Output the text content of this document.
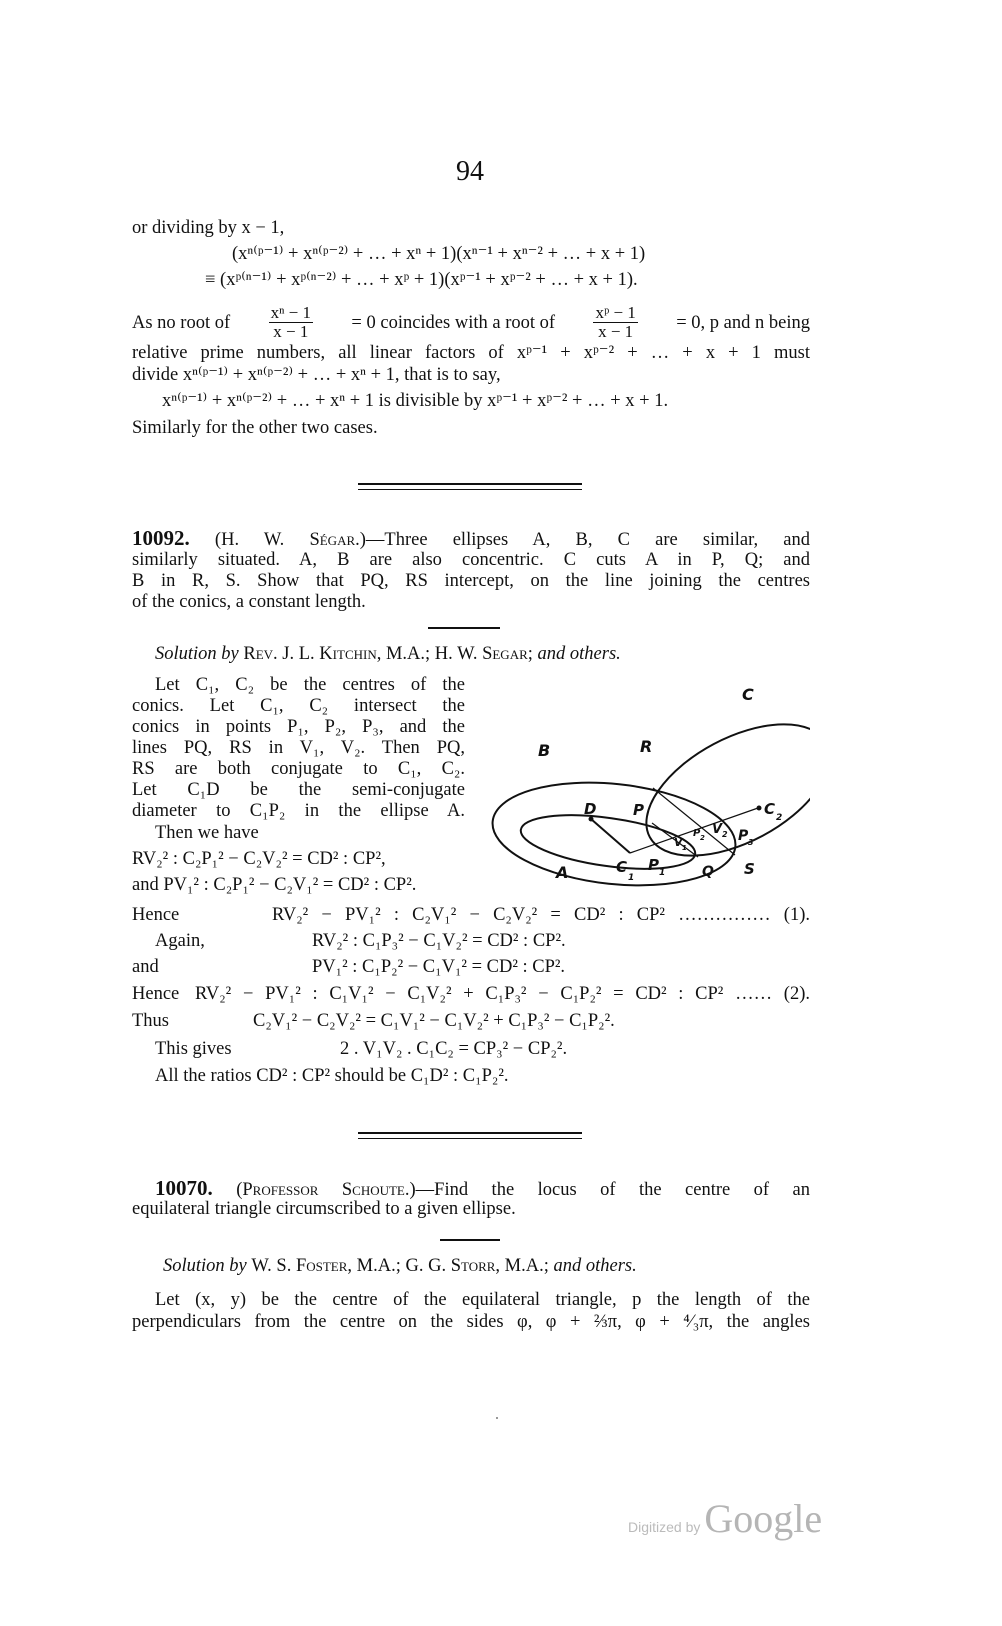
94
or dividing by x − 1,
(xⁿ⁽ᵖ⁻¹⁾ + xⁿ⁽ᵖ⁻²⁾ + … + xⁿ + 1)(xⁿ⁻¹ + xⁿ⁻² + … + x + 1)
≡ (xᵖ⁽ⁿ⁻¹⁾ + xᵖ⁽ⁿ⁻²⁾ + … + xᵖ + 1)(xᵖ⁻¹ + xᵖ⁻² + … + x + 1).
As no root of $\frac{\text{xⁿ − 1}}{x - 1} = 0$ coincides with a root of $\frac{\text{xᵖ − 1}}{x - 1} = 0$, p and n being
relative prime numbers, all linear factors of xᵖ⁻¹ + xᵖ⁻² + … + x + 1 must
divide xⁿ⁽ᵖ⁻¹⁾ + xⁿ⁽ᵖ⁻²⁾ + … + xⁿ + 1, that is to say,
xⁿ⁽ᵖ⁻¹⁾ + xⁿ⁽ᵖ⁻²⁾ + … + xⁿ + 1 is divisible by xᵖ⁻¹ + xᵖ⁻² + … + x + 1.
Similarly for the other two cases.
10092. (H. W. Ségar.)—Three ellipses A, B, C are similar, and
similarly situated. A, B are also concentric. C cuts A in P, Q; and
B in R, S. Show that PQ, RS intercept, on the line joining the centres
of the conics, a constant length.
Solution by Rev. J. L. Kitchin, M.A.; H. W. Segar; and others.
Let C₁, C₂ be the centres of the
conics. Let C₁, C₂ intersect the
conics in points P₁, P₂, P₃, and the
lines PQ, RS in V₁, V₂. Then PQ,
RS are both conjugate to C₁, C₂.
Let C₁D be the semi-conjugate
diameter to C₁P₂ in the ellipse A.
Then we have
RV₂² : C₂P₁² − C₂V₂² = CD² : CP²,
and PV₁² : C₂P₁² − C₂V₁² = CD² : CP².
C
B	R
D P
C
1
P 1	Q S
A
C 2
P 3
V 1
P 2
V 2
Hence	RV₂² − PV₁² : C₂V₁² − C₂V₂² = CD² : CP² …………… (1).
Again,	RV₂² : C₁P₃² − C₁V₂² = CD² : CP².
and	PV₁² : C₁P₂² − C₁V₁² = CD² : CP².
Hence RV₂² − PV₁² : C₁V₁² − C₁V₂² + C₁P₃² − C₁P₂² = CD² : CP² …… (2).
Thus	C₂V₁² − C₂V₂² = C₁V₁² − C₁V₂² + C₁P₃² − C₁P₂².
This gives	2 . V₁V₂ . C₁C₂ = CP₃² − CP₂².
All the ratios CD² : CP² should be C₁D² : C₁P₂².
10070. (Professor Schoute.)—Find the locus of the centre of an
equilateral triangle circumscribed to a given ellipse.
Solution by W. S. Foster, M.A.; G. G. Storr, M.A.; and others.
Let (x, y) be the centre of the equilateral triangle, p the length of the
perpendiculars from the centre on the sides φ, φ + ⅔π, φ + ⁴⁄₃π, the angles
Digitized by Google
